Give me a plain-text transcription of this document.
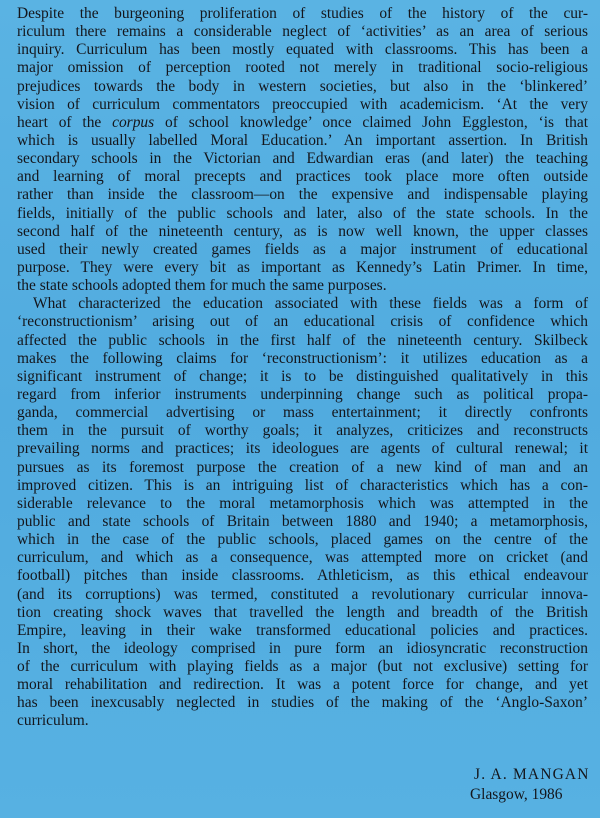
Despite the burgeoning proliferation of studies of the history of the cur-
riculum there remains a considerable neglect of ‘activities’ as an area of serious
inquiry. Curriculum has been mostly equated with classrooms. This has been a
major omission of perception rooted not merely in traditional socio-religious
prejudices towards the body in western societies, but also in the ‘blinkered’
vision of curriculum commentators preoccupied with academicism. ‘At the very
heart of the corpus of school knowledge’ once claimed John Eggleston, ‘is that
which is usually labelled Moral Education.’ An important assertion. In British
secondary schools in the Victorian and Edwardian eras (and later) the teaching
and learning of moral precepts and practices took place more often outside
rather than inside the classroom—on the expensive and indispensable playing
fields, initially of the public schools and later, also of the state schools. In the
second half of the nineteenth century, as is now well known, the upper classes
used their newly created games fields as a major instrument of educational
purpose. They were every bit as important as Kennedy’s Latin Primer. In time,
the state schools adopted them for much the same purposes.
What characterized the education associated with these fields was a form of
‘reconstructionism’ arising out of an educational crisis of confidence which
affected the public schools in the first half of the nineteenth century. Skilbeck
makes the following claims for ‘reconstructionism’: it utilizes education as a
significant instrument of change; it is to be distinguished qualitatively in this
regard from inferior instruments underpinning change such as political propa-
ganda, commercial advertising or mass entertainment; it directly confronts
them in the pursuit of worthy goals; it analyzes, criticizes and reconstructs
prevailing norms and practices; its ideologues are agents of cultural renewal; it
pursues as its foremost purpose the creation of a new kind of man and an
improved citizen. This is an intriguing list of characteristics which has a con-
siderable relevance to the moral metamorphosis which was attempted in the
public and state schools of Britain between 1880 and 1940; a metamorphosis,
which in the case of the public schools, placed games on the centre of the
curriculum, and which as a consequence, was attempted more on cricket (and
football) pitches than inside classrooms. Athleticism, as this ethical endeavour
(and its corruptions) was termed, constituted a revolutionary curricular innova-
tion creating shock waves that travelled the length and breadth of the British
Empire, leaving in their wake transformed educational policies and practices.
In short, the ideology comprised in pure form an idiosyncratic reconstruction
of the curriculum with playing fields as a major (but not exclusive) setting for
moral rehabilitation and redirection. It was a potent force for change, and yet
has been inexcusably neglected in studies of the making of the ‘Anglo-Saxon’
curriculum.
J. A. MANGAN
Glasgow, 1986
